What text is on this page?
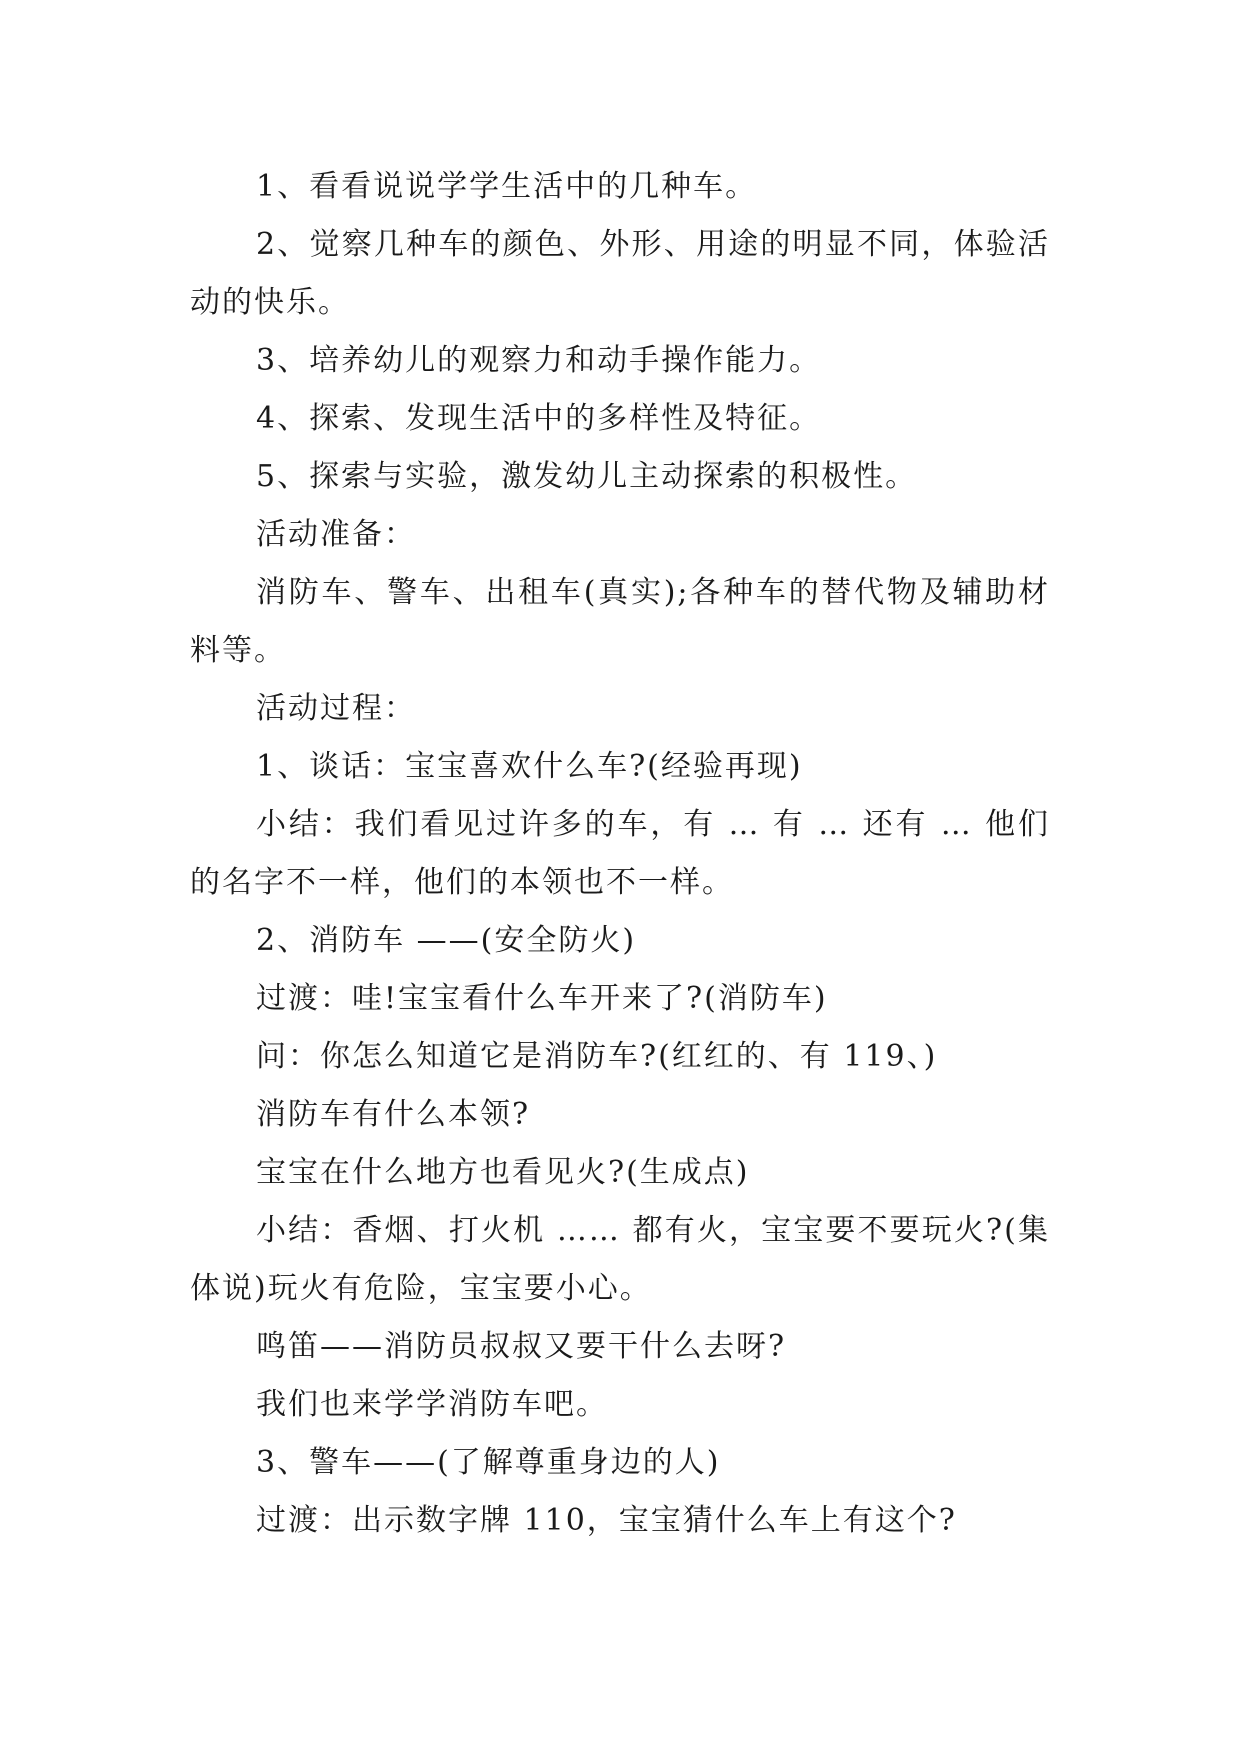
1、看看说说学学生活中的几种车。

2、觉察几种车的颜色、外形、用途的明显不同，体验活动的快乐。

3、培养幼儿的观察力和动手操作能力。

4、探索、发现生活中的多样性及特征。

5、探索与实验，激发幼儿主动探索的积极性。

活动准备：

消防车、警车、出租车(真实);各种车的替代物及辅助材料等。

活动过程：

1、谈话：宝宝喜欢什么车?(经验再现)

小结：我们看见过许多的车，有 … 有 … 还有 … 他们的名字不一样，他们的本领也不一样。

2、消防车 ——(安全防火)

过渡：哇!宝宝看什么车开来了?(消防车)

问：你怎么知道它是消防车?(红红的、有 119、)

消防车有什么本领?

宝宝在什么地方也看见火?(生成点)

小结：香烟、打火机 …… 都有火，宝宝要不要玩火?(集体说)玩火有危险，宝宝要小心。

鸣笛——消防员叔叔又要干什么去呀?

我们也来学学消防车吧。

3、警车——(了解尊重身边的人)

过渡：出示数字牌 110，宝宝猜什么车上有这个?
